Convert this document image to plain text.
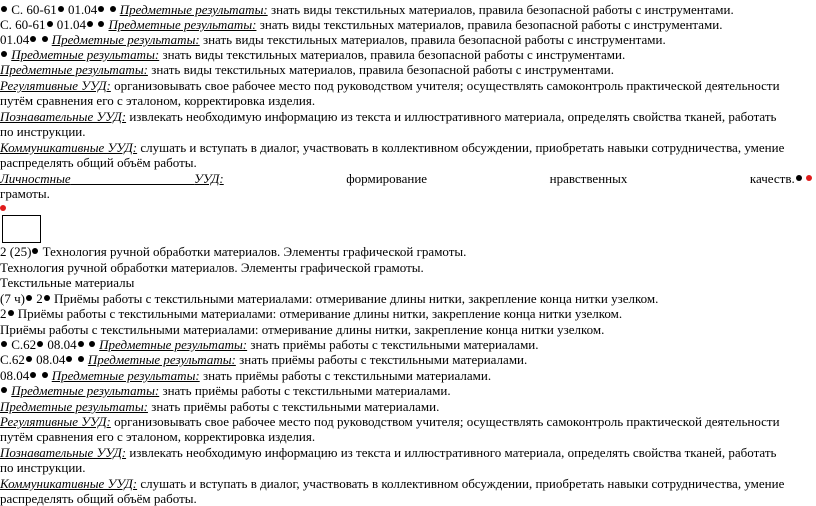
С. 60-61 01.04 Предметные результаты: знать виды текстильных материалов, правила безопасной работы с инструментами.
С. 60-61 01.04 Предметные результаты: знать виды текстильных материалов, правила безопасной работы с инструментами.
01.04 Предметные результаты: знать виды текстильных материалов, правила безопасной работы с инструментами.
Предметные результаты: знать виды текстильных материалов, правила безопасной работы с инструментами.
Предметные результаты: знать виды текстильных материалов, правила безопасной работы с инструментами.
Регулятивные УУД: организовывать свое рабочее место под руководством учителя; осуществлять самоконтроль практической деятельности
путём сравнения его с эталоном, корректировка изделия.
Познавательные УУД: извлекать необходимую информацию из текста и иллюстративного материала, определять свойства тканей, работать
по инструкции.
Коммуникативные УУД: слушать и вступать в диалог, участвовать в коллективном обсуждении, приобретать навыки сотрудничества, умение
распределять общий объём работы.
Личностные	УУД:	формирование	нравственных	качеств.
грамоты.
2 (25) Технология ручной обработки материалов. Элементы графической грамоты.
Технология ручной обработки материалов. Элементы графической грамоты.
Текстильные материалы
(7 ч) 2 Приёмы работы с текстильными материалами: отмеривание длины нитки, закрепление конца нитки узелком.
2 Приёмы работы с текстильными материалами: отмеривание длины нитки, закрепление конца нитки узелком.
Приёмы работы с текстильными материалами: отмеривание длины нитки, закрепление конца нитки узелком.
С.62 08.04 Предметные результаты: знать приёмы работы с текстильными материалами.
С.62 08.04 Предметные результаты: знать приёмы работы с текстильными материалами.
08.04 Предметные результаты: знать приёмы работы с текстильными материалами.
Предметные результаты: знать приёмы работы с текстильными материалами.
Предметные результаты: знать приёмы работы с текстильными материалами.
Регулятивные УУД: организовывать свое рабочее место под руководством учителя; осуществлять самоконтроль практической деятельности
путём сравнения его с эталоном, корректировка изделия.
Познавательные УУД: извлекать необходимую информацию из текста и иллюстративного материала, определять свойства тканей, работать
по инструкции.
Коммуникативные УУД: слушать и вступать в диалог, участвовать в коллективном обсуждении, приобретать навыки сотрудничества, умение
распределять общий объём работы.
